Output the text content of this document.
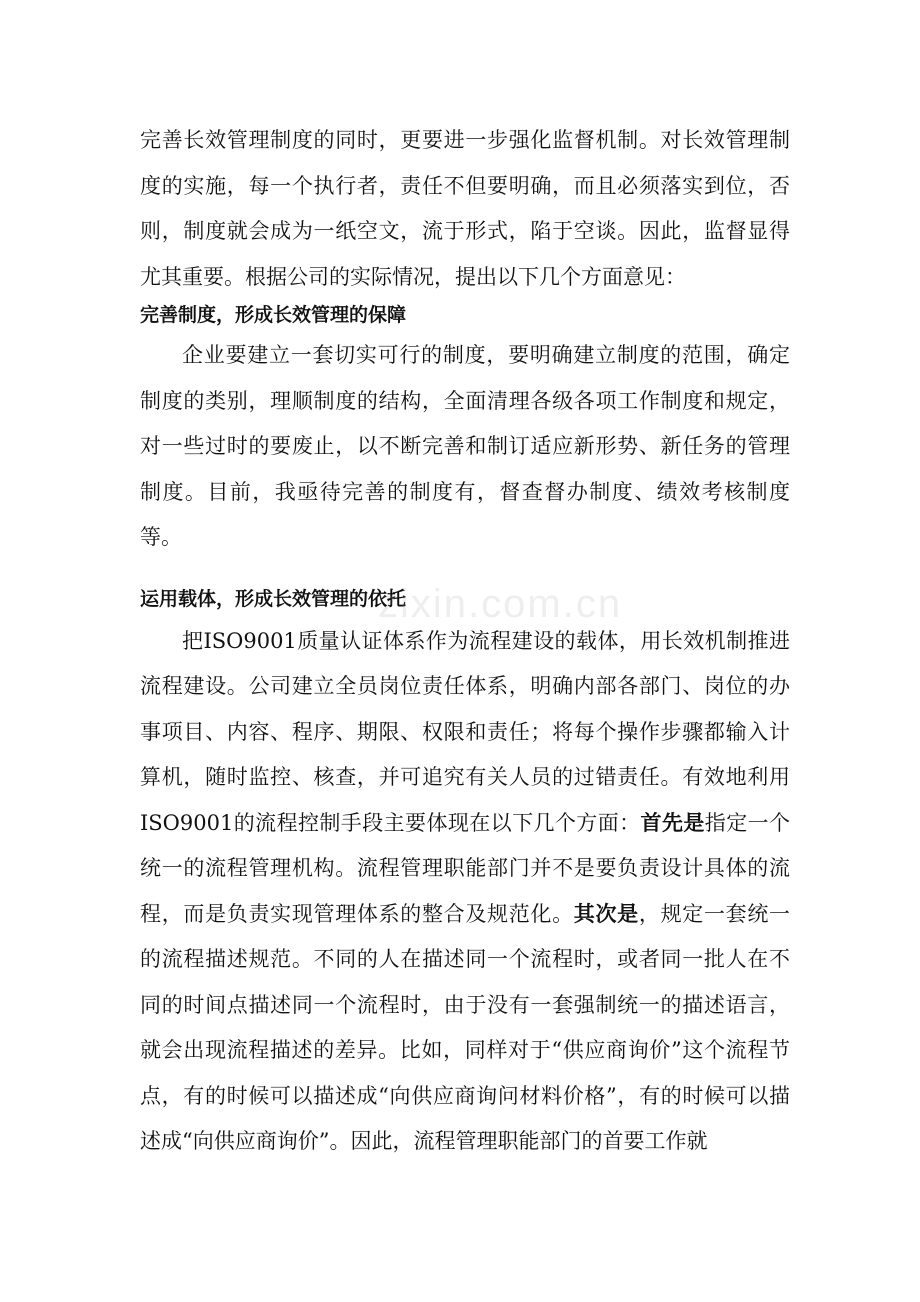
完善长效管理制度的同时，更要进一步强化监督机制。对长效管理制度的实施，每一个执行者，责任不但要明确，而且必须落实到位，否则，制度就会成为一纸空文，流于形式，陷于空谈。因此，监督显得尤其重要。根据公司的实际情况，提出以下几个方面意见：

完善制度，形成长效管理的保障

企业要建立一套切实可行的制度，要明确建立制度的范围，确定制度的类别，理顺制度的结构，全面清理各级各项工作制度和规定，对一些过时的要废止，以不断完善和制订适应新形势、新任务的管理制度。目前，我亟待完善的制度有，督查督办制度、绩效考核制度等。

运用载体，形成长效管理的依托

把ISO9001质量认证体系作为流程建设的载体，用长效机制推进流程建设。公司建立全员岗位责任体系，明确内部各部门、岗位的办事项目、内容、程序、期限、权限和责任；将每个操作步骤都输入计算机，随时监控、核查，并可追究有关人员的过错责任。有效地利用ISO9001的流程控制手段主要体现在以下几个方面：首先是指定一个统一的流程管理机构。流程管理职能部门并不是要负责设计具体的流程，而是负责实现管理体系的整合及规范化。其次是，规定一套统一的流程描述规范。不同的人在描述同一个流程时，或者同一批人在不同的时间点描述同一个流程时，由于没有一套强制统一的描述语言，就会出现流程描述的差异。比如，同样对于“供应商询价”这个流程节点，有的时候可以描述成“向供应商询问材料价格”，有的时候可以描述成“向供应商询价”。因此，流程管理职能部门的首要工作就

zixin.com.cn
